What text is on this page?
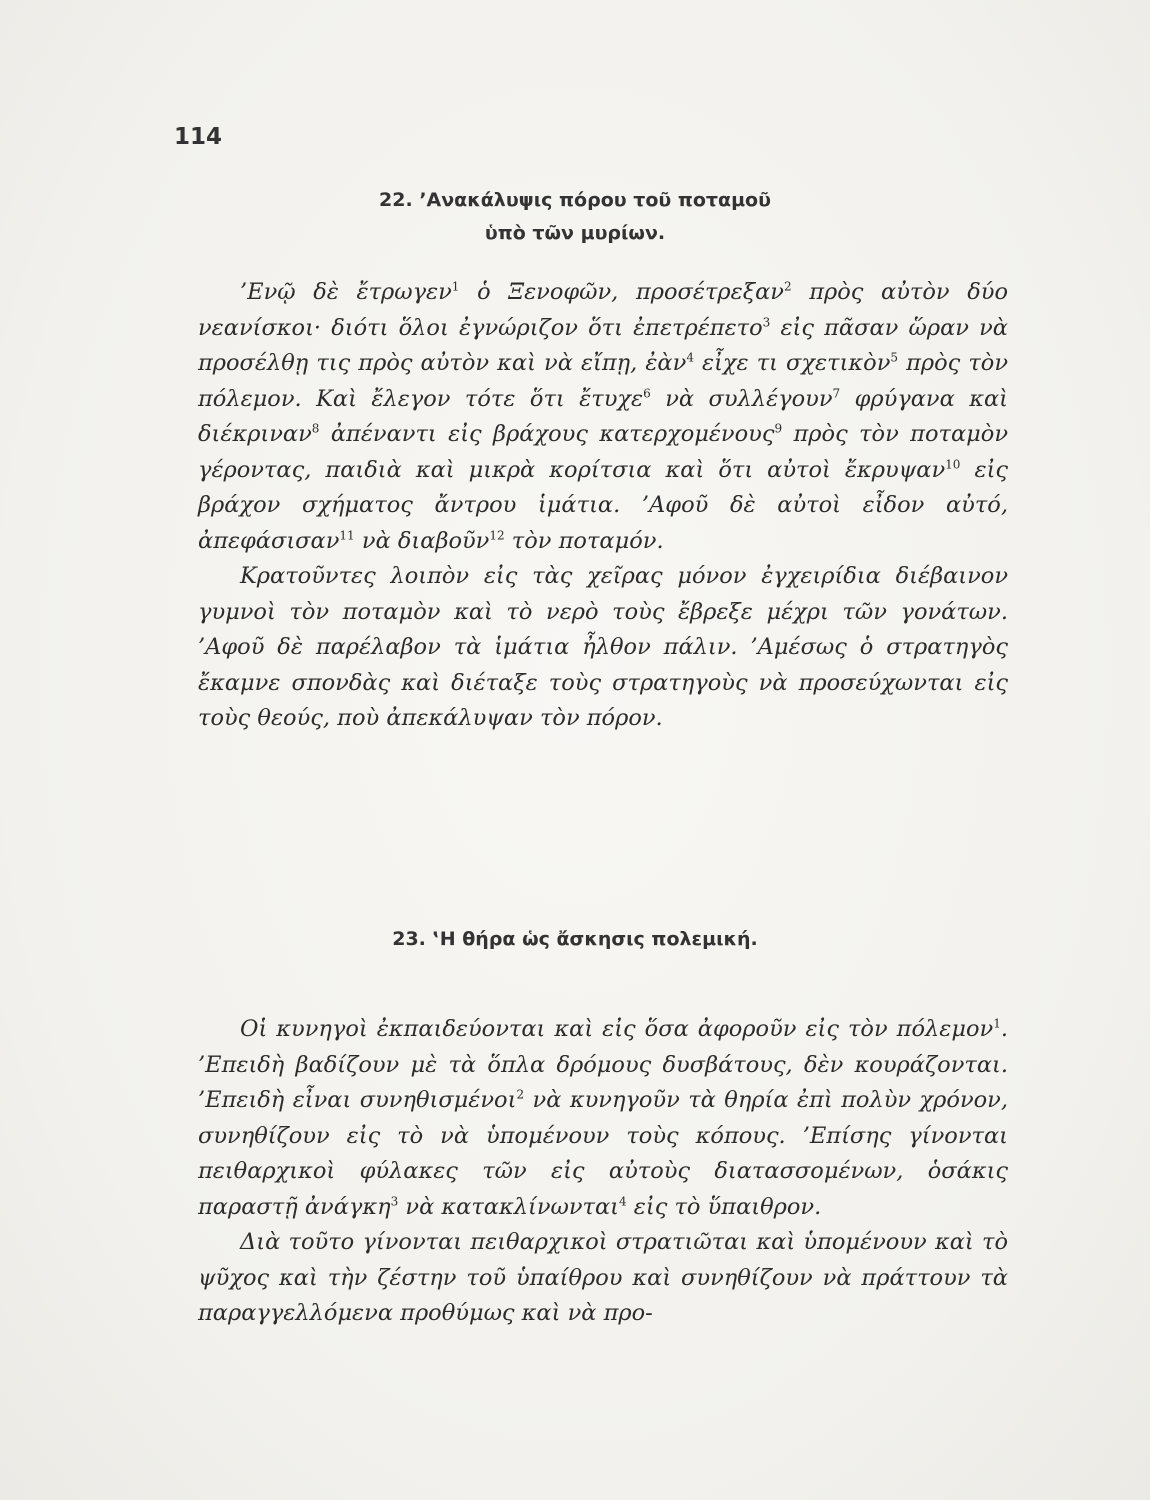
114
22. ’Ανακάλυψις πόρου τοῦ ποταμοῦ
ὑπὸ τῶν μυρίων.

’Ενῷ δὲ ἔτρωγεν$^1$ ὁ Ξενοφῶν, προσέτρεξαν$^2$ πρὸς αὐτὸν δύο νεανίσκοι· διότι ὅλοι ἐγνώριζον ὅτι ἐπετρέπετο$^3$ εἰς πᾶσαν ὥραν νὰ προσέλθῃ τις πρὸς αὐτὸν καὶ νὰ εἴπῃ, ἐὰν$^4$ εἶχε τι σχετικὸν$^5$ πρὸς τὸν πόλεμον. Καὶ ἔλεγον τότε ὅτι ἔτυχε$^6$ νὰ συλλέγουν$^7$ φρύγανα καὶ διέκριναν$^8$ ἀπέναντι εἰς βράχους κατερχομένους$^9$ πρὸς τὸν ποταμὸν γέροντας, παιδιὰ καὶ μικρὰ κορίτσια καὶ ὅτι αὐτοὶ ἔκρυψαν$^{10}$ εἰς βράχον σχήματος ἄντρου ἱμάτια. ’Αφοῦ δὲ αὐτοὶ εἶδον αὐτό, ἀπεφάσισαν$^{11}$ νὰ διαβοῦν$^{12}$ τὸν ποταμόν.

Κρατοῦντες λοιπὸν εἰς τὰς χεῖρας μόνον ἐγχειρίδια διέβαινον γυμνοὶ τὸν ποταμὸν καὶ τὸ νερὸ τοὺς ἔβρεξε μέχρι τῶν γονάτων. ’Αφοῦ δὲ παρέλαβον τὰ ἱμάτια ἦλθον πάλιν. ’Αμέσως ὁ στρατηγὸς ἔκαμνε σπονδὰς καὶ διέταξε τοὺς στρατηγοὺς νὰ προσεύχωνται εἰς τοὺς θεούς, ποὺ ἀπεκάλυψαν τὸν πόρον.

23. ‛Η θήρα ὡς ἄσκησις πολεμική.

Οἱ κυνηγοὶ ἐκπαιδεύονται καὶ εἰς ὅσα ἀφοροῦν εἰς τὸν πόλεμον$^1$. ’Επειδὴ βαδίζουν μὲ τὰ ὅπλα δρόμους δυσβάτους, δὲν κουράζονται. ’Επειδὴ εἶναι συνηθισμένοι$^2$ νὰ κυνηγοῦν τὰ θηρία ἐπὶ πολὺν χρόνον, συνηθίζουν εἰς τὸ νὰ ὑπομένουν τοὺς κόπους. ’Επίσης γίνονται πειθαρχικοὶ φύλακες τῶν εἰς αὐτοὺς διατασσομένων, ὁσάκις παραστῇ ἀνάγκη$^3$ νὰ κατακλίνωνται$^4$ εἰς τὸ ὕπαιθρον.

Διὰ τοῦτο γίνονται πειθαρχικοὶ στρατιῶται καὶ ὑπομένουν καὶ τὸ ψῦχος καὶ τὴν ζέστην τοῦ ὑπαίθρου καὶ συνηθίζουν νὰ πράττουν τὰ παραγγελλόμενα προθύμως καὶ νὰ προ-
